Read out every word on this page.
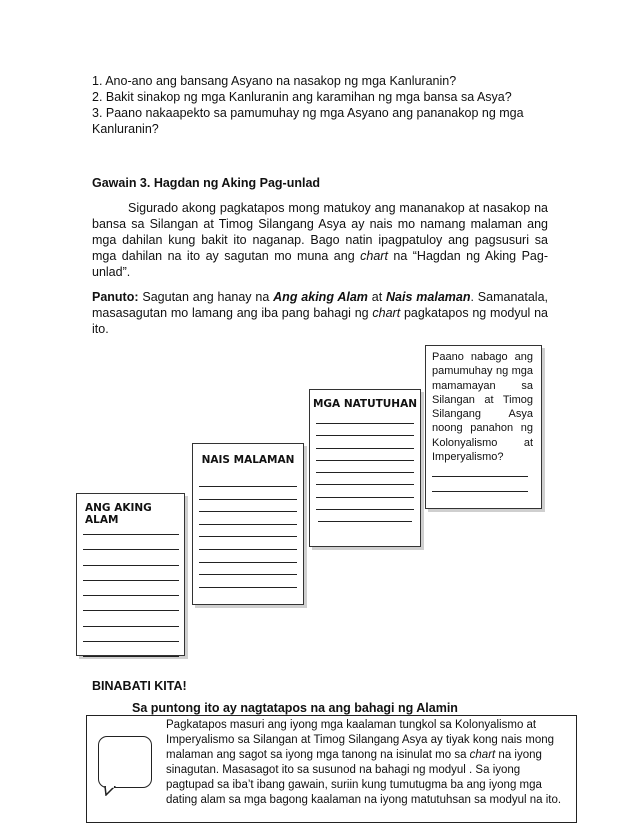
1. Ano-ano ang bansang Asyano na nasakop ng mga Kanluranin?
2. Bakit sinakop ng mga Kanluranin ang karamihan ng mga bansa sa Asya?
3. Paano nakaapekto sa pamumuhay ng mga Asyano ang pananakop ng mga Kanluranin?
Gawain 3. Hagdan ng Aking Pag-unlad
Sigurado akong pagkatapos mong matukoy ang mananakop at nasakop na bansa sa Silangan at Timog Silangang Asya ay nais mo namang malaman ang mga dahilan kung bakit ito naganap. Bago natin ipagpatuloy ang pagsusuri sa mga dahilan na ito ay sagutan mo muna ang chart na “Hagdan ng Aking Pag-unlad”.
Panuto: Sagutan ang hanay na Ang aking Alam at Nais malaman. Samanatala, masasagutan mo lamang ang iba pang bahagi ng chart pagkatapos ng modyul na ito.
ANG AKING ALAM
NAIS MALAMAN
MGA NATUTUHAN
Paano nabago ang pamumuhay ng mga mamamayan sa Silangan at Timog Silangang Asya noong panahon ng Kolonyalismo at Imperyalismo?
BINABATI KITA!
Sa puntong ito ay nagtatapos na ang bahagi ng Alamin
Pagkatapos masuri ang iyong mga kaalaman tungkol sa Kolonyalismo at Imperyalismo sa Silangan at Timog Silangang Asya ay tiyak kong nais mong malaman ang sagot sa iyong mga tanong na isinulat mo sa chart na iyong sinagutan. Masasagot ito sa susunod na bahagi ng modyul . Sa iyong pagtupad sa iba’t ibang gawain, suriin kung tumutugma ba ang iyong mga dating alam sa mga bagong kaalaman na iyong matutuhsan sa modyul na ito.
